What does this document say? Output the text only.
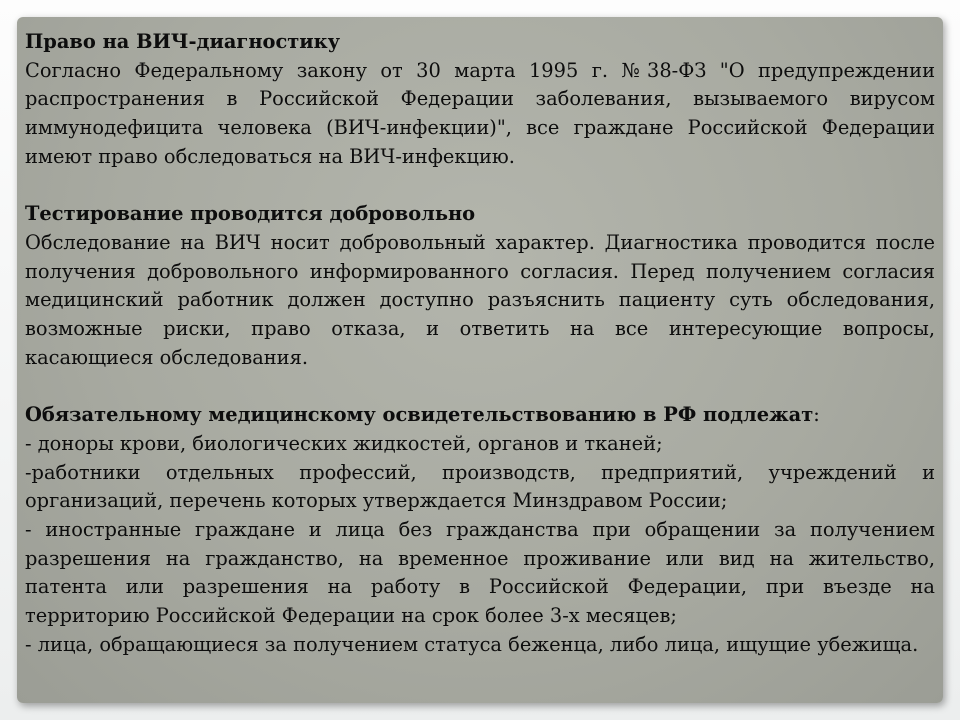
Право на ВИЧ-диагностику

Согласно Федеральному закону от 30 марта 1995 г. №38-ФЗ "О предупреждении распространения в Российской Федерации заболевания, вызываемого вирусом иммунодефицита человека (ВИЧ-инфекции)", все граждане Российской Федерации имеют право обследоваться на ВИЧ-инфекцию.

Тестирование проводится добровольно

Обследование на ВИЧ носит добровольный характер. Диагностика проводится после получения добровольного информированного согласия. Перед получением согласия медицинский работник должен доступно разъяснить пациенту суть обследования, возможные риски, право отказа, и ответить на все интересующие вопросы, касающиеся обследования.

Обязательному медицинскому освидетельствованию в РФ подлежат:

- доноры крови, биологических жидкостей, органов и тканей;

-работники отдельных профессий, производств, предприятий, учреждений и организаций, перечень которых утверждается Минздравом России;

- иностранные граждане и лица без гражданства при обращении за получением разрешения на гражданство, на временное проживание или вид на жительство, патента или разрешения на работу в Российской Федерации, при въезде на территорию Российской Федерации на срок более 3-х месяцев;

- лица, обращающиеся за получением статуса беженца, либо лица, ищущие убежища.
